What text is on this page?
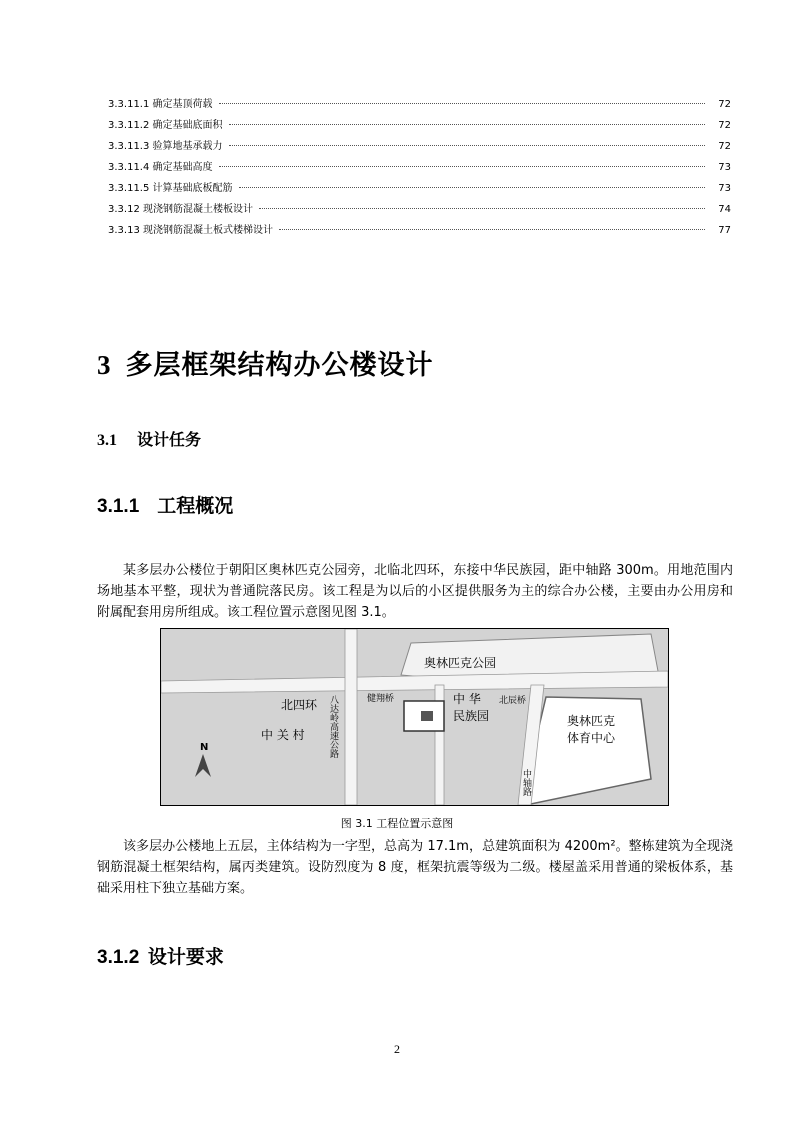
3.3.11.1 确定基顶荷载	72
3.3.11.2 确定基础底面积	72
3.3.11.3 验算地基承载力	72
3.3.11.4 确定基础高度	73
3.3.11.5 计算基础底板配筋	73
3.3.12 现浇钢筋混凝土楼板设计	74
3.3.13 现浇钢筋混凝土板式楼梯设计	77
3 多层框架结构办公楼设计
3.1 设计任务
3.1.1 工程概况

某多层办公楼位于朝阳区奥林匹克公园旁，北临北四环，东接中华民族园，距中轴路 300m。用地范围内场地基本平整，现状为普通院落民房。该工程是为以后的小区提供服务为主的综合办公楼，主要由办公用房和附属配套用房所组成。该工程位置示意图见图 3.1。

N
奥林匹克公园
北四环
中 关 村
健翔桥	中 华
民族园
北辰桥
奥林匹克
体育中心
八达岭高速公路
中轴路
图 3.1 工程位置示意图

该多层办公楼地上五层，主体结构为一字型，总高为 17.1m，总建筑面积为 4200m²。整栋建筑为全现浇钢筋混凝土框架结构，属丙类建筑。设防烈度为 8 度，框架抗震等级为二级。楼屋盖采用普通的梁板体系，基础采用柱下独立基础方案。

3.1.2 设计要求
2
